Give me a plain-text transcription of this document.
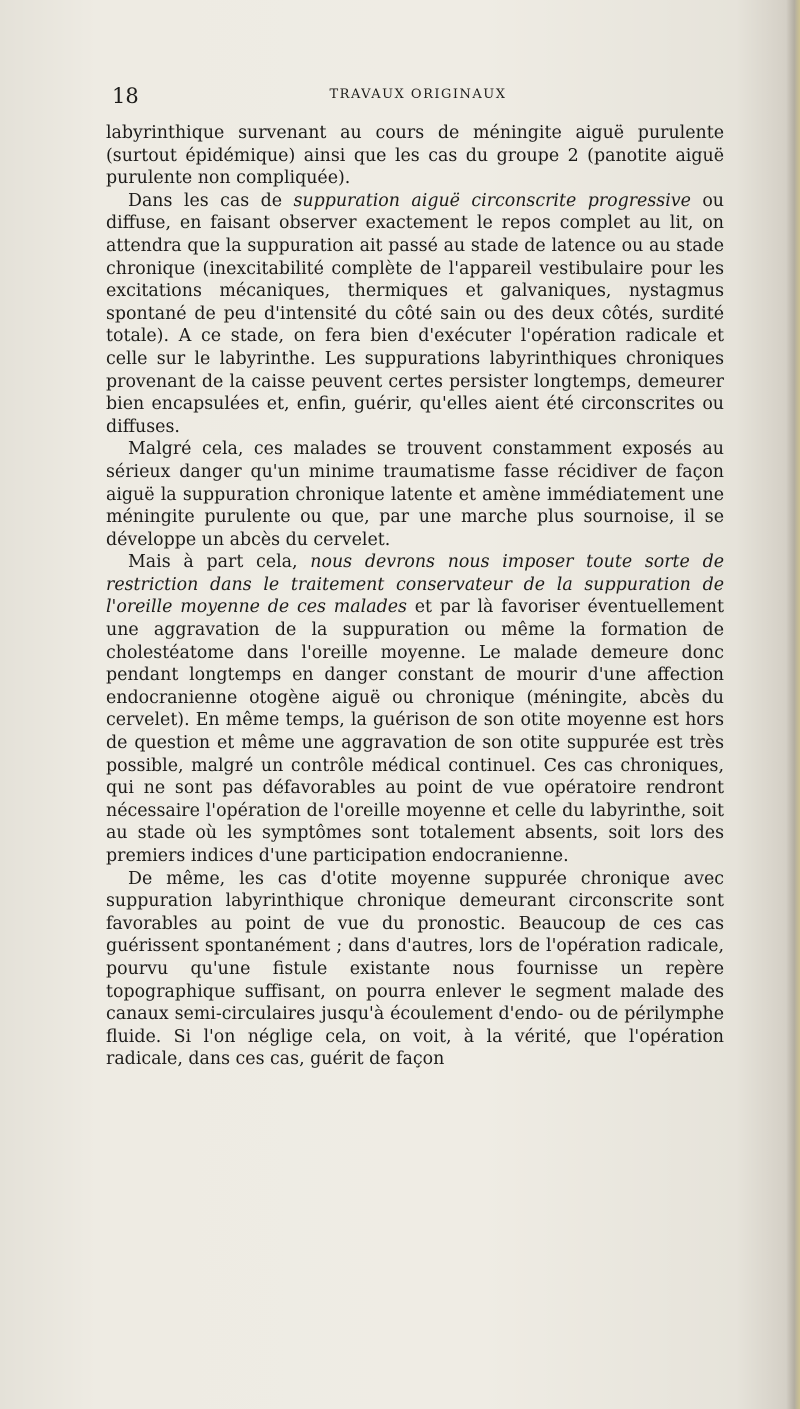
18	TRAVAUX ORIGINAUX

labyrinthique survenant au cours de méningite aiguë purulente (surtout épidémique) ainsi que les cas du groupe 2 (panotite aiguë purulente non compliquée).

Dans les cas de suppuration aiguë circonscrite progressive ou diffuse, en faisant observer exactement le repos complet au lit, on attendra que la suppuration ait passé au stade de latence ou au stade chronique (inexcitabilité complète de l'appareil vestibulaire pour les excitations mécaniques, thermiques et galvaniques, nystagmus spontané de peu d'intensité du côté sain ou des deux côtés, surdité totale). A ce stade, on fera bien d'exécuter l'opération radicale et celle sur le labyrinthe. Les suppurations labyrinthiques chroniques provenant de la caisse peuvent certes persister longtemps, demeurer bien encapsulées et, enfin, guérir, qu'elles aient été circonscrites ou diffuses.

Malgré cela, ces malades se trouvent constamment exposés au sérieux danger qu'un minime traumatisme fasse récidiver de façon aiguë la suppuration chronique latente et amène immédiatement une méningite purulente ou que, par une marche plus sournoise, il se développe un abcès du cervelet.

Mais à part cela, nous devrons nous imposer toute sorte de restriction dans le traitement conservateur de la suppuration de l'oreille moyenne de ces malades et par là favoriser éventuellement une aggravation de la suppuration ou même la formation de cholestéatome dans l'oreille moyenne. Le malade demeure donc pendant longtemps en danger constant de mourir d'une affection endocranienne otogène aiguë ou chronique (méningite, abcès du cervelet). En même temps, la guérison de son otite moyenne est hors de question et même une aggravation de son otite suppurée est très possible, malgré un contrôle médical continuel. Ces cas chroniques, qui ne sont pas défavorables au point de vue opératoire rendront nécessaire l'opération de l'oreille moyenne et celle du labyrinthe, soit au stade où les symptômes sont totalement absents, soit lors des premiers indices d'une participation endocranienne.

De même, les cas d'otite moyenne suppurée chronique avec suppuration labyrinthique chronique demeurant circonscrite sont favorables au point de vue du pronostic. Beaucoup de ces cas guérissent spontanément ; dans d'autres, lors de l'opération radicale, pourvu qu'une fistule existante nous fournisse un repère topographique suffisant, on pourra enlever le segment malade des canaux semi-circulaires jusqu'à écoulement d'endo- ou de périlymphe fluide. Si l'on néglige cela, on voit, à la vérité, que l'opération radicale, dans ces cas, guérit de façon
